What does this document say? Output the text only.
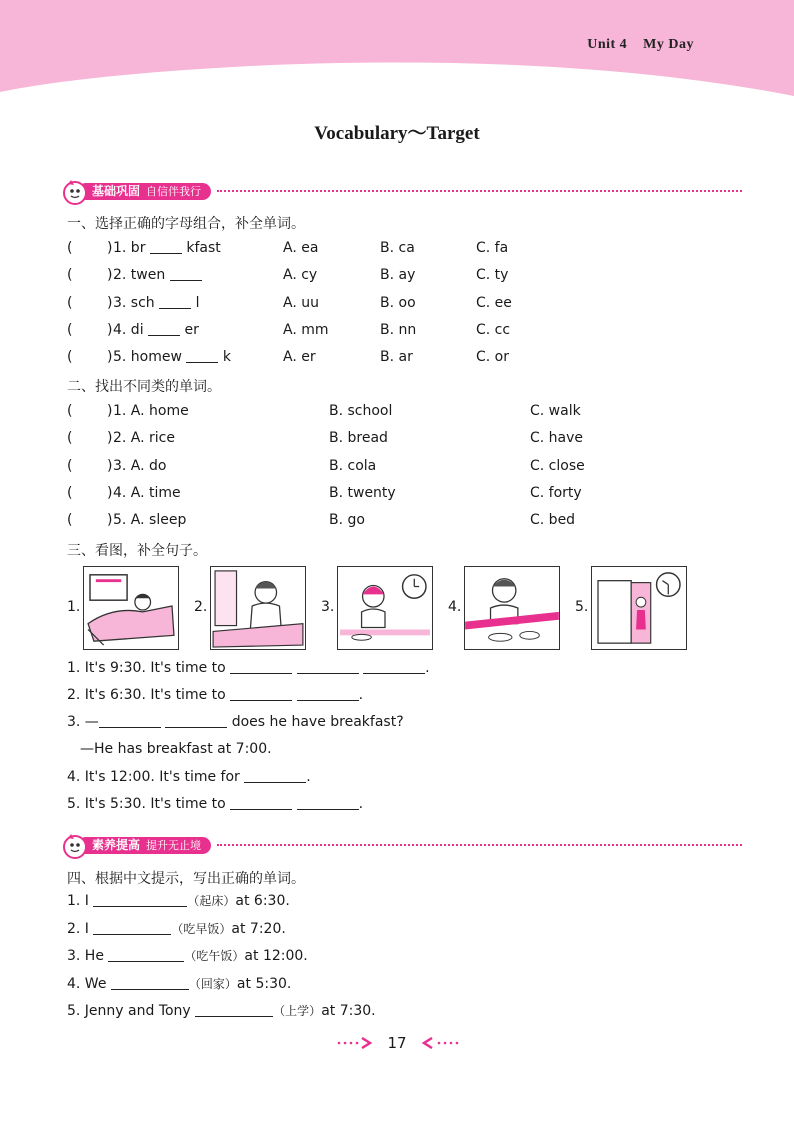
Unit 4 My Day
Vocabulary～Target
基础巩固 自信伴我行
一、选择正确的字母组合，补全单词。
( ) 1. br	kfast	A. ea	B. ca	C. fa
( ) 2. twen	A. cy	B. ay	C. ty
( ) 3. sch	l	A. uu	B. oo	C. ee
( ) 4. di	er	A. mm	B. nn	C. cc
( ) 5. homew	k	A. er	B. ar	C. or
二、找出不同类的单词。
( ) 1. A. home	B. school	C. walk
( ) 2. A. rice	B. bread	C. have
( ) 3. A. do	B. cola	C. close
( ) 4. A. time	B. twenty	C. forty
( ) 5. A. sleep	B. go	C. bed
三、看图，补全句子。
1.	2.	3.	4.	5.
1. It's 9:30. It's time to	.
2. It's 6:30. It's time to	.
3. —	does he have breakfast?
—He has breakfast at 7:00.
4. It's 12:00. It's time for	.
5. It's 5:30. It's time to	.
素养提高 提升无止境
四、根据中文提示，写出正确的单词。
1. I	（起床）at 6:30.
2. I	（吃早饭）at 7:20.
3. He	（吃午饭）at 12:00.
4. We	（回家）at 5:30.
5. Jenny and Tony	（上学）at 7:30.
17
